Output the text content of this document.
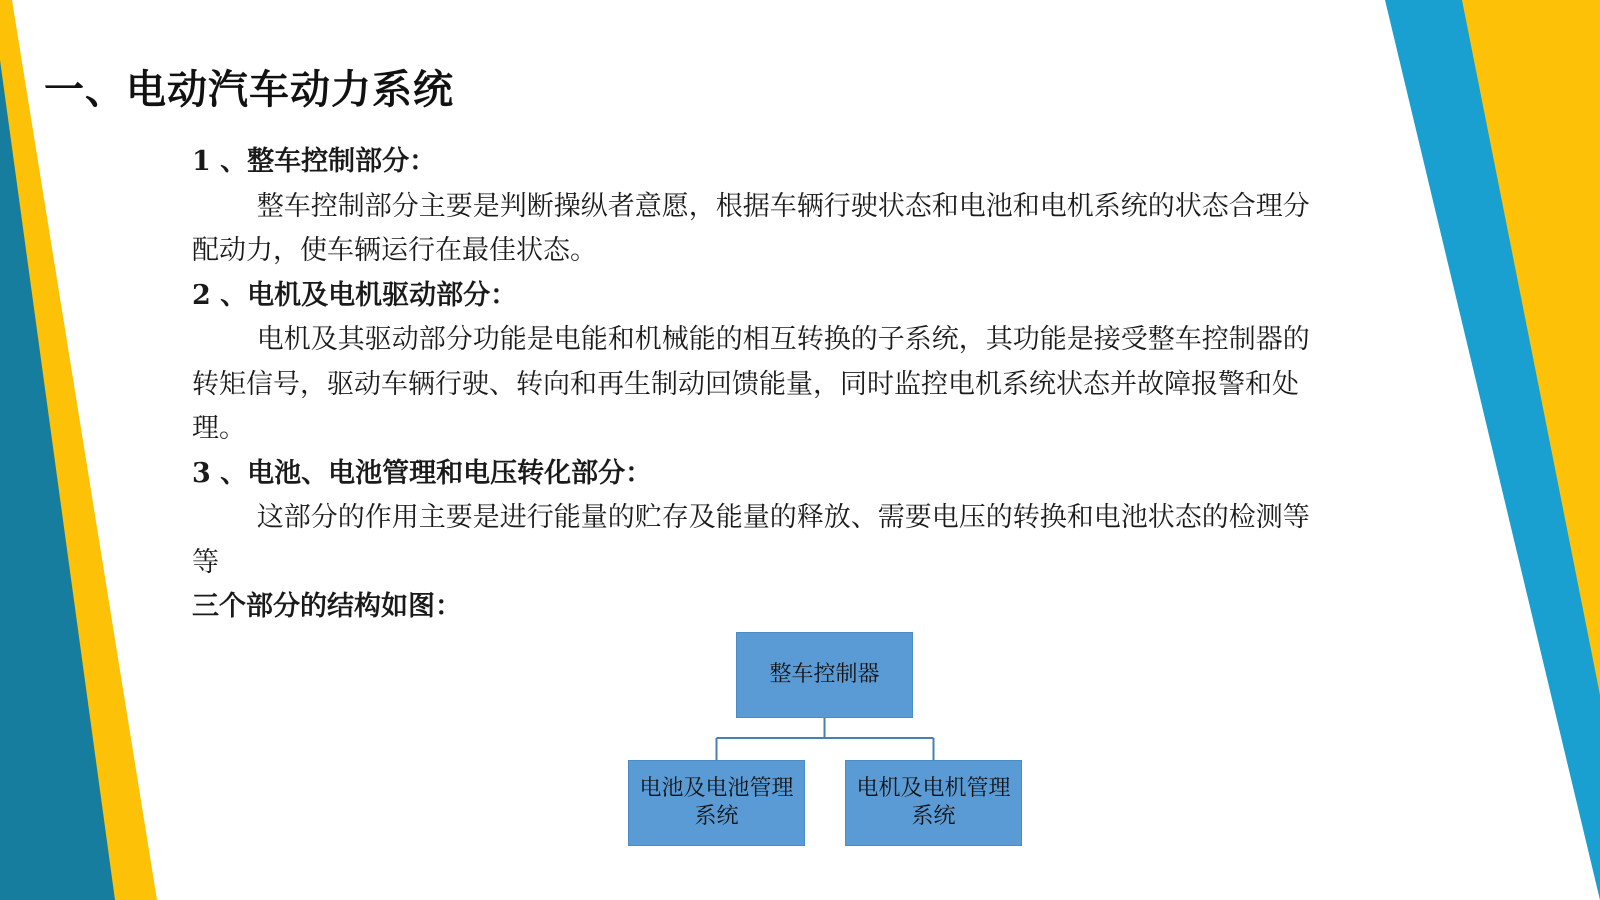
一、电动汽车动力系统

1 、整车控制部分：

整车控制部分主要是判断操纵者意愿，根据车辆行驶状态和电池和电机系统的状态合理分配动力，使车辆运行在最佳状态。

2 、电机及电机驱动部分：

电机及其驱动部分功能是电能和机械能的相互转换的子系统，其功能是接受整车控制器的转矩信号，驱动车辆行驶、转向和再生制动回馈能量，同时监控电机系统状态并故障报警和处理。

3 、电池、电池管理和电压转化部分：

这部分的作用主要是进行能量的贮存及能量的释放、需要电压的转换和电池状态的检测等等

三个部分的结构如图：

整车控制器
电池及电池管理系统
电机及电机管理系统
